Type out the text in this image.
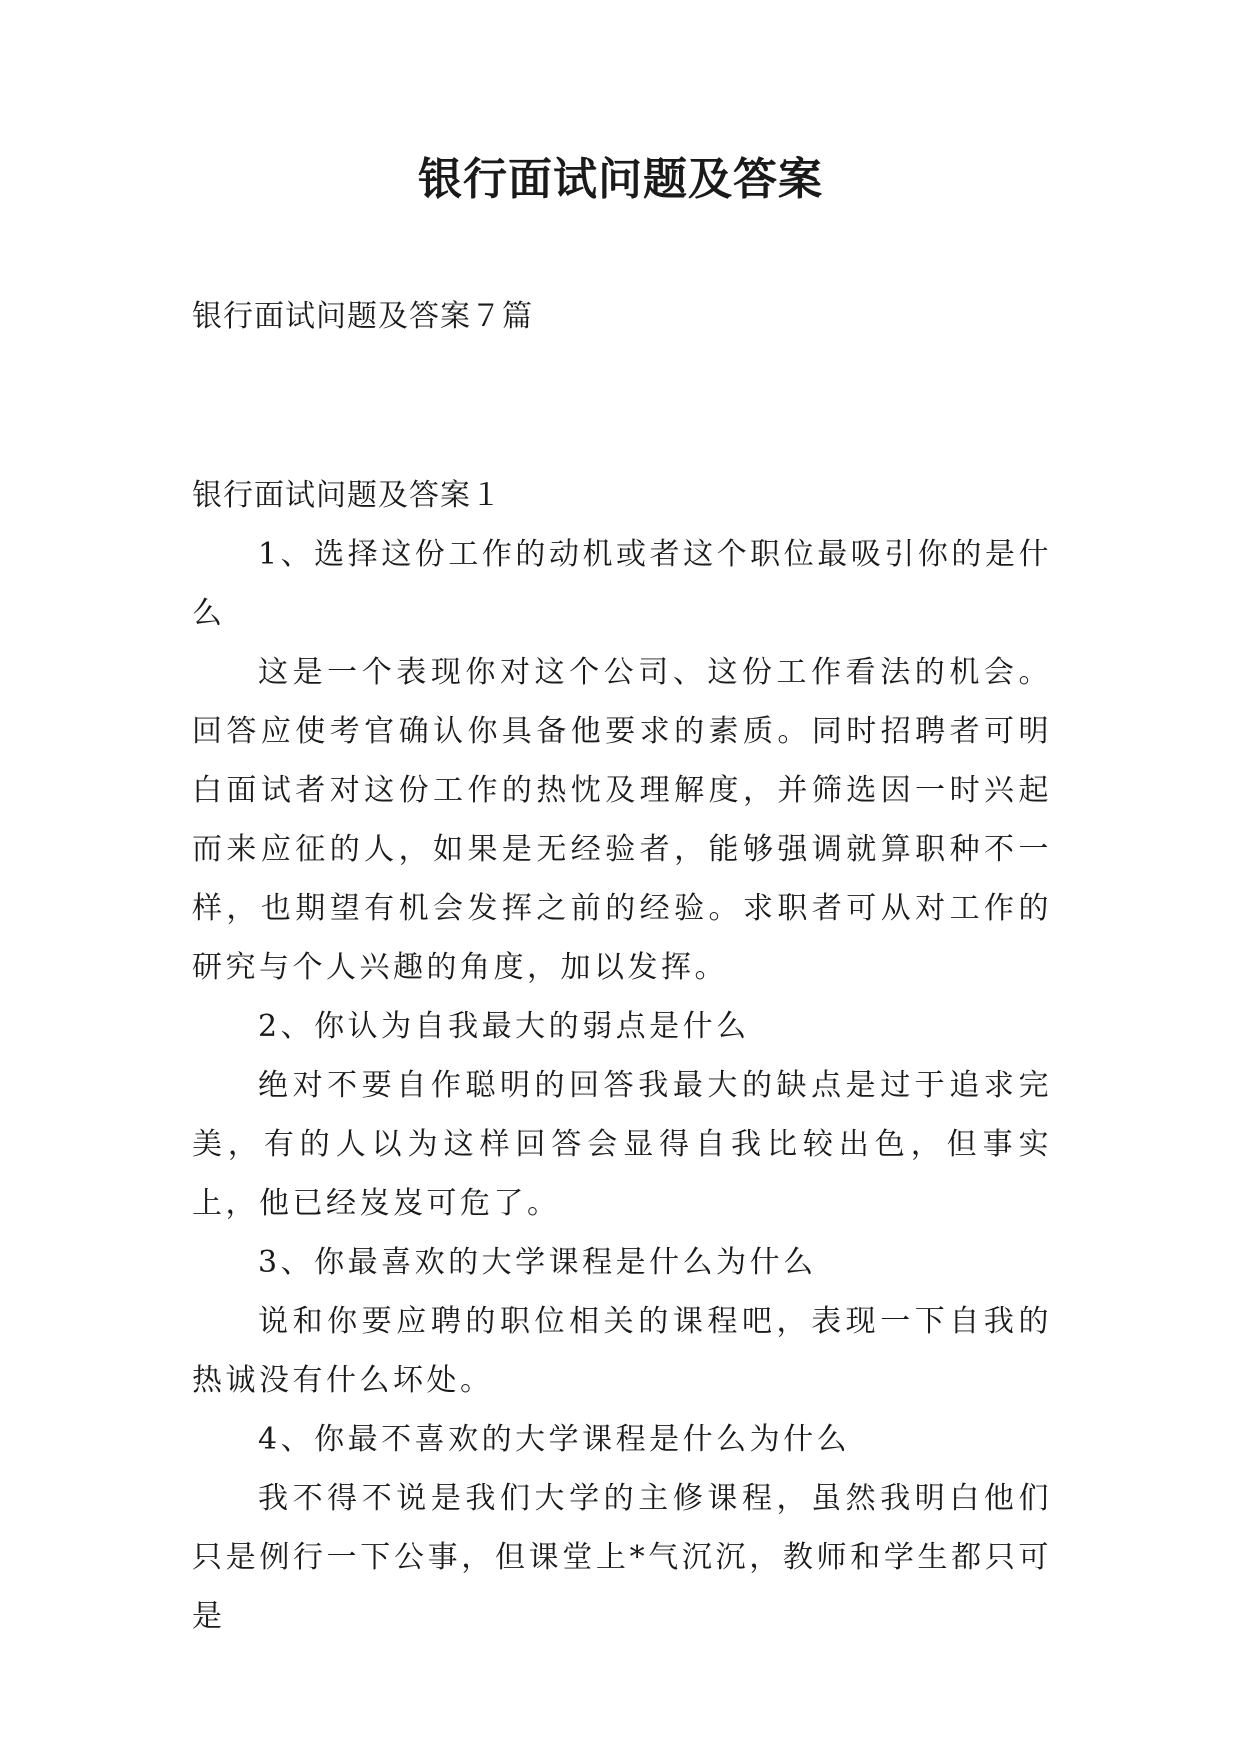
银行面试问题及答案

银行面试问题及答案７篇

银行面试问题及答案１

1、选择这份工作的动机或者这个职位最吸引你的是什么

这是一个表现你对这个公司、这份工作看法的机会。回答应使考官确认你具备他要求的素质。同时招聘者可明白面试者对这份工作的热忱及理解度，并筛选因一时兴起而来应征的人，如果是无经验者，能够强调就算职种不一样，也期望有机会发挥之前的经验。求职者可从对工作的研究与个人兴趣的角度，加以发挥。

2、你认为自我最大的弱点是什么

绝对不要自作聪明的回答我最大的缺点是过于追求完美，有的人以为这样回答会显得自我比较出色，但事实上，他已经岌岌可危了。

3、你最喜欢的大学课程是什么为什么

说和你要应聘的职位相关的课程吧，表现一下自我的热诚没有什么坏处。

4、你最不喜欢的大学课程是什么为什么

我不得不说是我们大学的主修课程，虽然我明白他们只是例行一下公事，但课堂上*气沉沉，教师和学生都只可是
